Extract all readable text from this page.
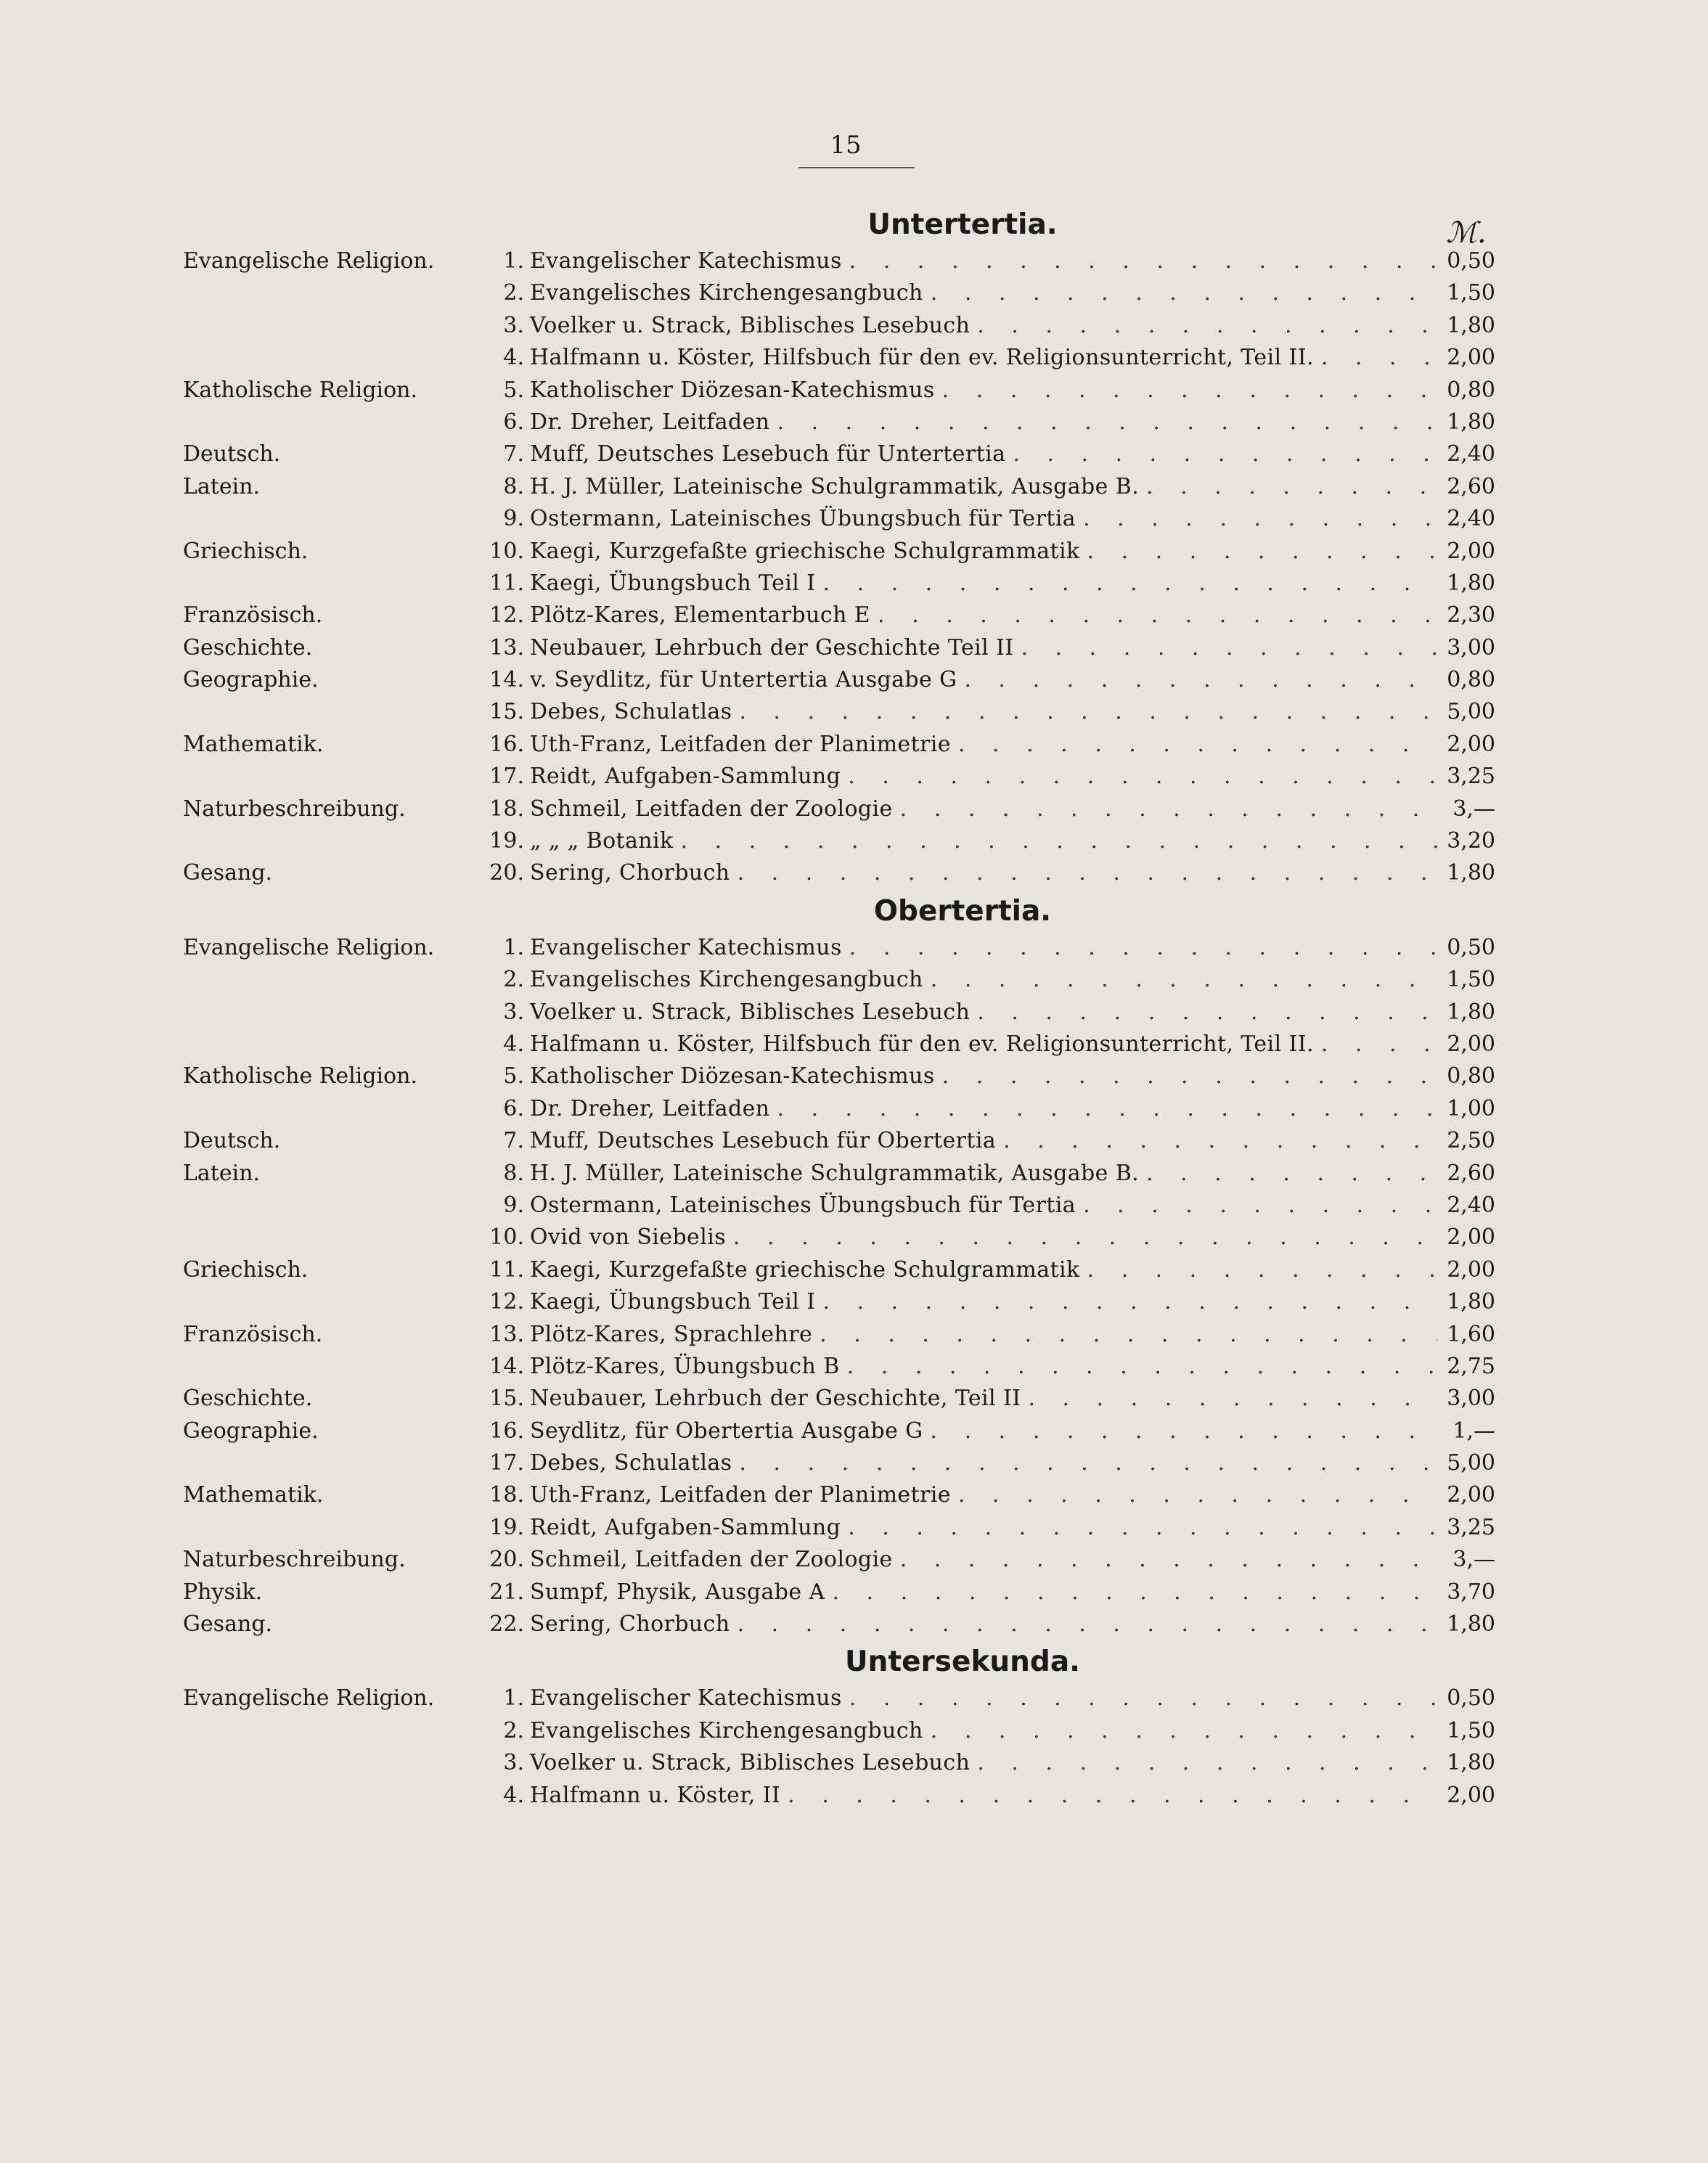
15
ℳ.
Untertertia.
Evangelische Religion.	1. Evangelischer Katechismus . . .	0,50
2. Evangelisches Kirchengesangbuch . . .	1,50
3. Voelker u. Strack, Biblisches Lesebuch . . .	1,80
4. Halfmann u. Köster, Hilfsbuch für den ev. Religionsunterricht, Teil II. . . .	2,00
Katholische Religion.	5. Katholischer Diözesan-Katechismus . . .	0,80
6. Dr. Dreher, Leitfaden . . .	1,80
Deutsch.	7. Muff, Deutsches Lesebuch für Untertertia . . .	2,40
Latein.	8. H. J. Müller, Lateinische Schulgrammatik, Ausgabe B. . . .	2,60
9. Ostermann, Lateinisches Übungsbuch für Tertia . . .	2,40
Griechisch.	10. Kaegi, Kurzgefaßte griechische Schulgrammatik . . .	2,00
11. Kaegi, Übungsbuch Teil I . . .	1,80
Französisch.	12. Plötz-Kares, Elementarbuch E . . .	2,30
Geschichte.	13. Neubauer, Lehrbuch der Geschichte Teil II . . .	3,00
Geographie.	14. v. Seydlitz, für Untertertia Ausgabe G . . .	0,80
15. Debes, Schulatlas . . .	5,00
Mathematik.	16. Uth-Franz, Leitfaden der Planimetrie . . .	2,00
17. Reidt, Aufgaben-Sammlung . . .	3,25
Naturbeschreibung.	18. Schmeil, Leitfaden der Zoologie . . .	3,—
19. „ „ „ Botanik . . .	3,20
Gesang.	20. Sering, Chorbuch . . .	1,80
Obertertia.
Evangelische Religion.	1. Evangelischer Katechismus . . .	0,50
2. Evangelisches Kirchengesangbuch . . .	1,50
3. Voelker u. Strack, Biblisches Lesebuch . . .	1,80
4. Halfmann u. Köster, Hilfsbuch für den ev. Religionsunterricht, Teil II. . . .	2,00
Katholische Religion.	5. Katholischer Diözesan-Katechismus . . .	0,80
6. Dr. Dreher, Leitfaden . . .	1,00
Deutsch.	7. Muff, Deutsches Lesebuch für Obertertia . . .	2,50
Latein.	8. H. J. Müller, Lateinische Schulgrammatik, Ausgabe B. . . .	2,60
9. Ostermann, Lateinisches Übungsbuch für Tertia . . .	2,40
10. Ovid von Siebelis . . .	2,00
Griechisch.	11. Kaegi, Kurzgefaßte griechische Schulgrammatik . . .	2,00
12. Kaegi, Übungsbuch Teil I . . .	1,80
Französisch.	13. Plötz-Kares, Sprachlehre . . .	1,60
14. Plötz-Kares, Übungsbuch B . . .	2,75
Geschichte.	15. Neubauer, Lehrbuch der Geschichte, Teil II . . .	3,00
Geographie.	16. Seydlitz, für Obertertia Ausgabe G . . .	1,—
17. Debes, Schulatlas . . .	5,00
Mathematik.	18. Uth-Franz, Leitfaden der Planimetrie . . .	2,00
19. Reidt, Aufgaben-Sammlung . . .	3,25
Naturbeschreibung.	20. Schmeil, Leitfaden der Zoologie . . .	3,—
Physik.	21. Sumpf, Physik, Ausgabe A . . .	3,70
Gesang.	22. Sering, Chorbuch . . .	1,80
Untersekunda.
Evangelische Religion.	1. Evangelischer Katechismus . . .	0,50
2. Evangelisches Kirchengesangbuch . . .	1,50
3. Voelker u. Strack, Biblisches Lesebuch . . .	1,80
4. Halfmann u. Köster, II . . .	2,00
